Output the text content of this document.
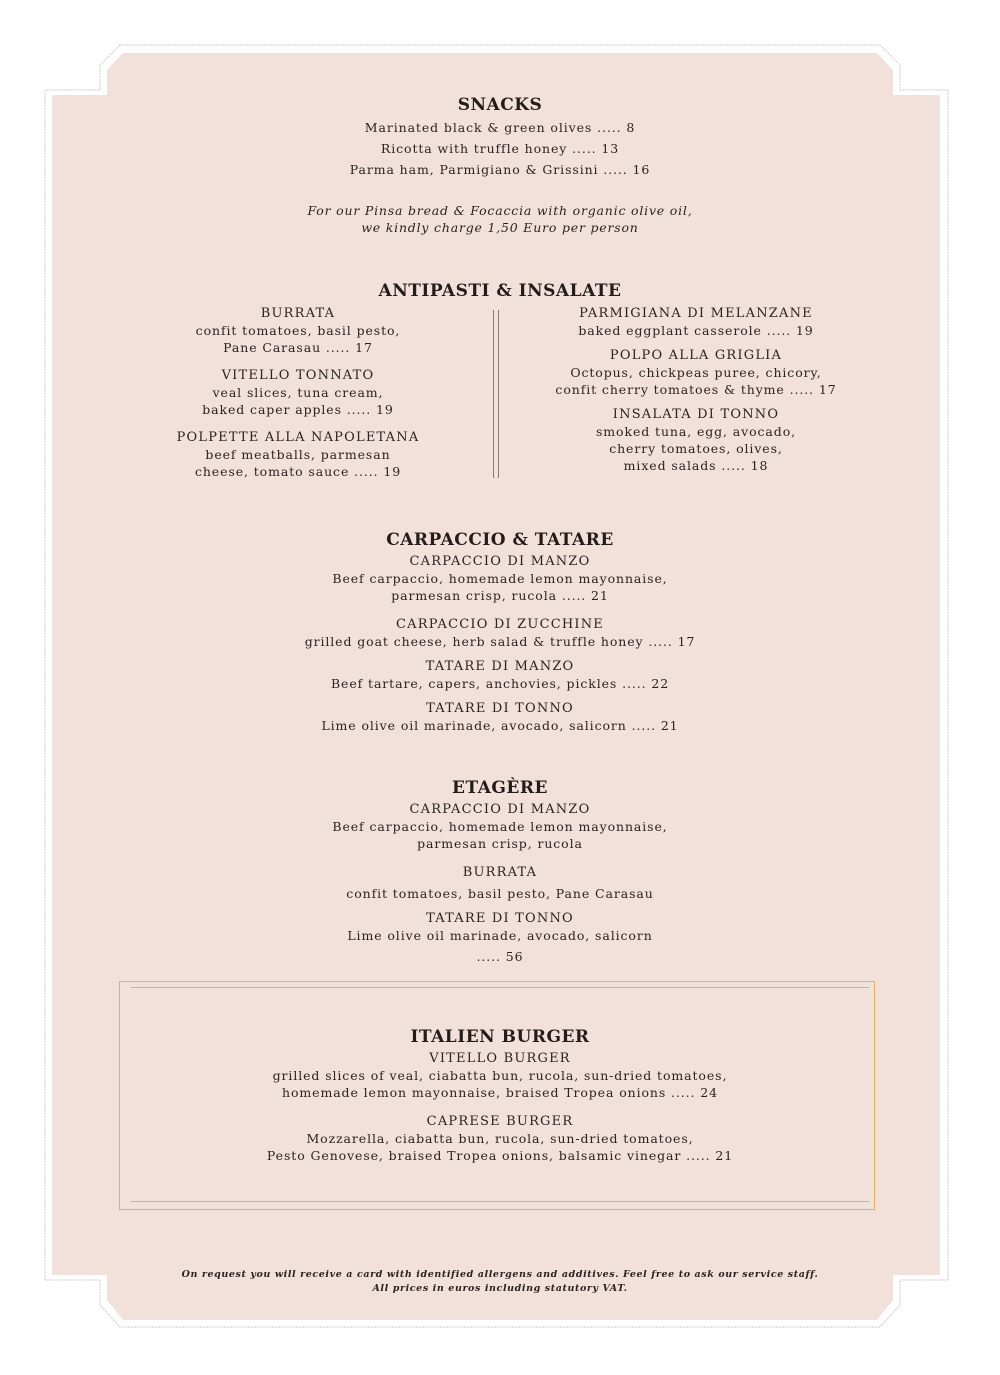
SNACKS
Marinated black & green olives ..... 8
Ricotta with truffle honey ..... 13
Parma ham, Parmigiano & Grissini ..... 16
For our Pinsa bread & Focaccia with organic olive oil,
we kindly charge 1,50 Euro per person
ANTIPASTI & INSALATE
BURRATA
confit tomatoes, basil pesto,
Pane Carasau ..... 17
VITELLO TONNATO
veal slices, tuna cream,
baked caper apples ..... 19
POLPETTE ALLA NAPOLETANA
beef meatballs, parmesan
cheese, tomato sauce ..... 19
PARMIGIANA DI MELANZANE
baked eggplant casserole ..... 19
POLPO ALLA GRIGLIA
Octopus, chickpeas puree, chicory,
confit cherry tomatoes & thyme ..... 17
INSALATA DI TONNO
smoked tuna, egg, avocado,
cherry tomatoes, olives,
mixed salads ..... 18
CARPACCIO & TATARE
CARPACCIO DI MANZO
Beef carpaccio, homemade lemon mayonnaise,
parmesan crisp, rucola ..... 21
CARPACCIO DI ZUCCHINE
grilled goat cheese, herb salad & truffle honey ..... 17
TATARE DI MANZO
Beef tartare, capers, anchovies, pickles ..... 22
TATARE DI TONNO
Lime olive oil marinade, avocado, salicorn ..... 21
ETAGÈRE
CARPACCIO DI MANZO
Beef carpaccio, homemade lemon mayonnaise,
parmesan crisp, rucola
BURRATA
confit tomatoes, basil pesto, Pane Carasau
TATARE DI TONNO
Lime olive oil marinade, avocado, salicorn
..... 56
ITALIEN BURGER
VITELLO BURGER
grilled slices of veal, ciabatta bun, rucola, sun-dried tomatoes,
homemade lemon mayonnaise, braised Tropea onions ..... 24
CAPRESE BURGER
Mozzarella, ciabatta bun, rucola, sun-dried tomatoes,
Pesto Genovese, braised Tropea onions, balsamic vinegar ..... 21
On request you will receive a card with identified allergens and additives. Feel free to ask our service staff.
All prices in euros including statutory VAT.
